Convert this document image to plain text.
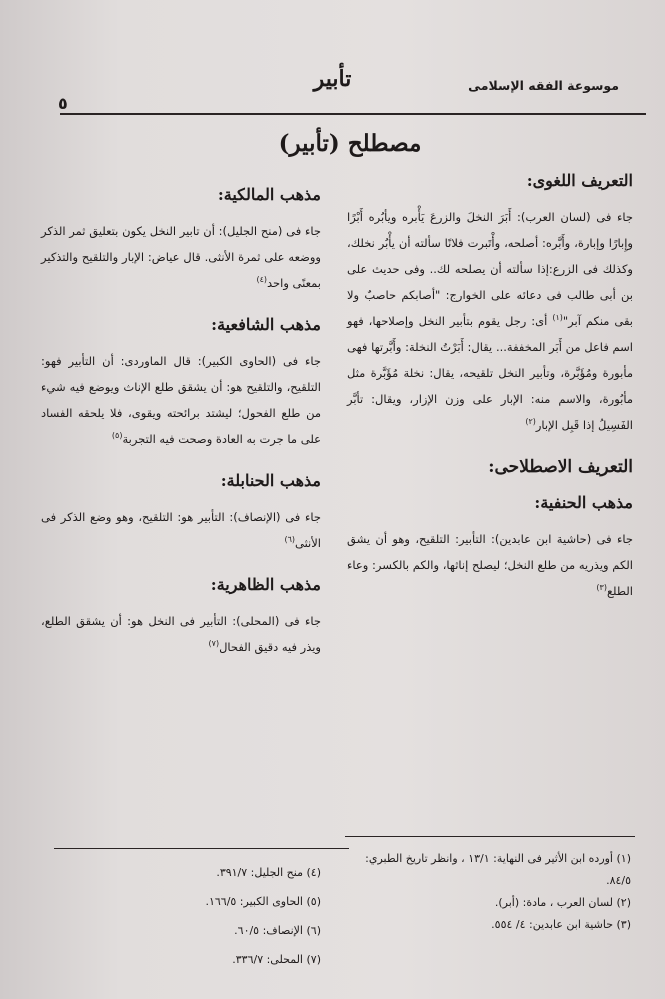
موسوعة الفقه الإسلامى
تأبير
٥
مصطلح (تأبير)

التعريف اللغوى:

جاء فى (لسان العرب): أَبَرَ النخلَ والزرعَ يَأْبره ويأبُره أَبْرًا وإِبارًا وإبارة، وأَبَّره: أصلحه، وأْتَبرت فلانًا سألته أن يأْبُر نخلك، وكذلك فى الزرع:إذا سألته أن يصلحه لك.. وفى حديث على بن أبى طالب فى دعائه على الخوارج: "أصابكم حاصبٌ ولا بقى منكم آبر"$^{(١)}$ أى: رجل يقوم بتأبير النخل وإصلاحها، فهو اسم فاعل من أَبَر المخففة... يقال: أَبَرْتُ النخلة: وأَبَّرتها فهى مأبورة ومُؤَبَّرة، وتأبير النخل تلقيحه، يقال: نخلة مُؤَبَّرة مثل مأبُورة، والاسم منه: الإبار على وزن الإزار، ويقال: تأبَّر الفَسِيلُ إذا قَبِل الإبار$^{(٢)}$

التعريف الاصطلاحى:

مذهب الحنفية:

جاء فى (حاشية ابن عابدين): التأبير: التلقيح، وهو أن يشق الكم ويذريه من طلع النخل؛ ليصلح إناثها، والكم بالكسر: وعاء الطلع$^{(٣)}$

مذهب المالكية:

جاء فى (منح الجليل): أن تابير النخل يكون بتعليق ثمر الذكر ووضعه على ثمرة الأنثى. قال عياض: الإبار والتلقيح والتذكير بمعنًى واحد$^{(٤)}$

مذهب الشافعية:

جاء فى (الحاوى الكبير): قال الماوردى: أن التأبير فهو: التلقيح، والتلقيح هو: أن يشقق طلع الإناث ويوضع فيه شيء من طلع الفحول؛ ليشتد برائحته ويقوى، فلا يلحقه الفساد على ما جرت به العادة وصحت فيه التجربة$^{(٥)}$

مذهب الحنابلة:

جاء فى (الإنصاف): التأبير هو: التلقيح، وهو وضع الذكر فى الأنثى$^{(٦)}$

مذهب الظاهرية:

جاء فى (المحلى): التأبير فى النخل هو: أن يشقق الطلع، ويذر فيه دقيق الفحال$^{(٧)}$

(١) أورده ابن الأثير فى النهاية: ١٣/١ ، وانظر تاريخ الطبري: ٨٤/٥.

(٢) لسان العرب ، مادة: (أبر).

(٣) حاشية ابن عابدين: ٤/ ٥٥٤.

(٤) منح الجليل: ٣٩١/٧.

(٥) الحاوى الكبير: ١٦٦/٥.

(٦) الإنصاف: ٦٠/٥.

(٧) المحلى: ٣٣٦/٧.
